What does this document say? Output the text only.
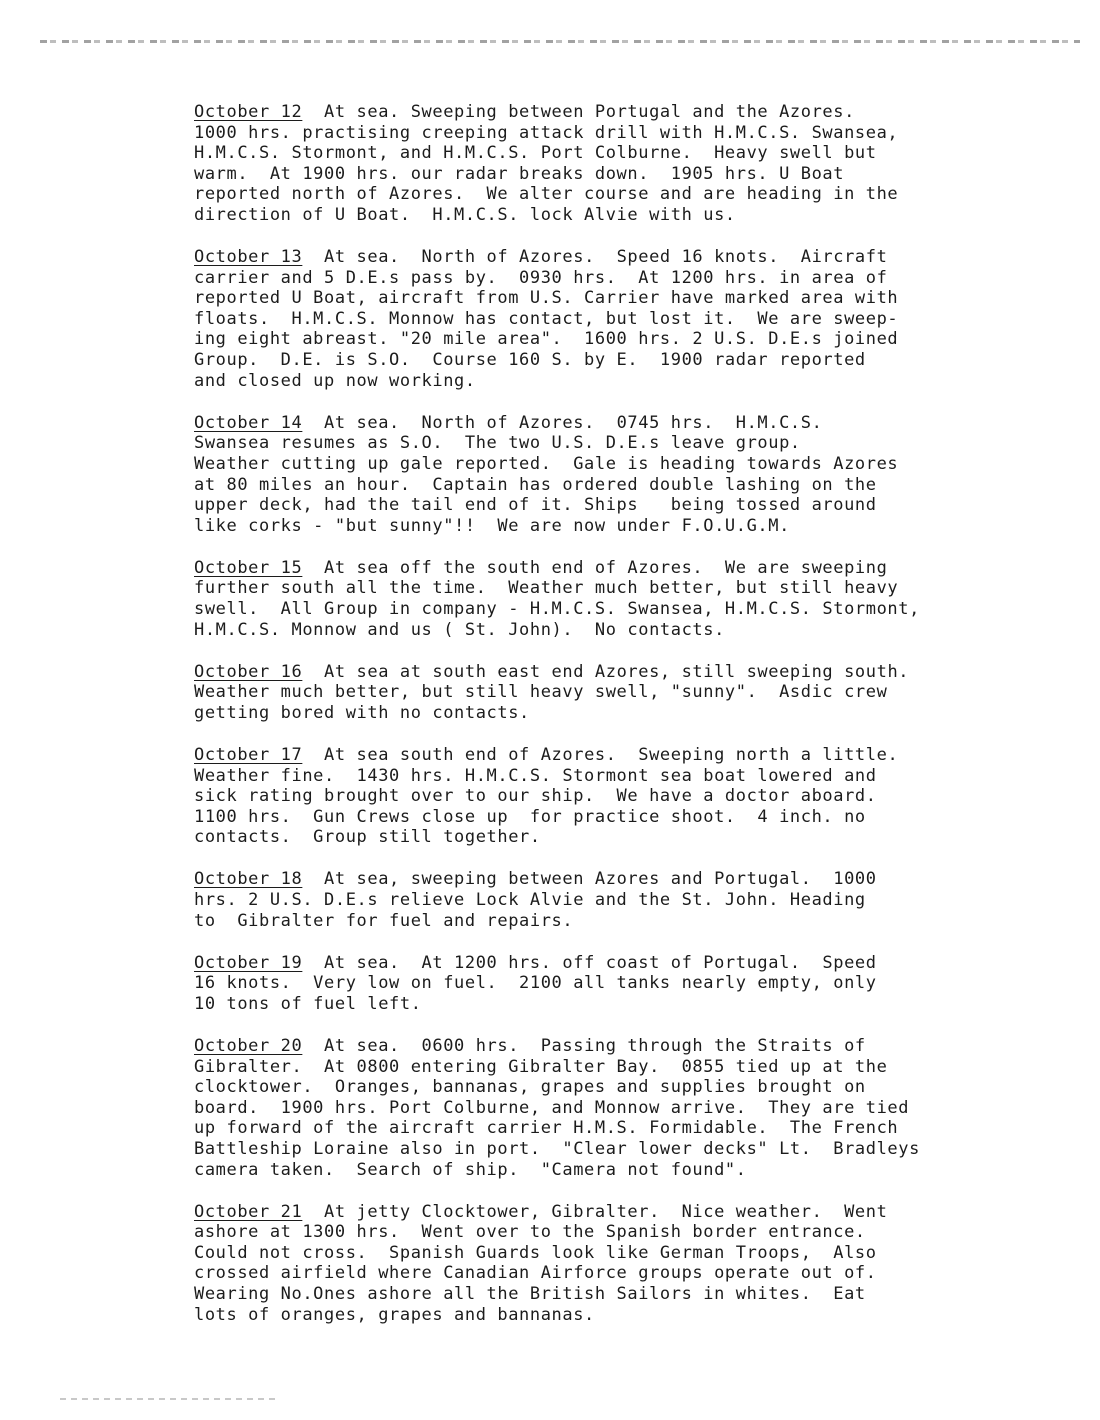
October 12  At sea. Sweeping between Portugal and the Azores.

1000 hrs. practising creeping attack drill with H.M.C.S. Swansea,

H.M.C.S. Stormont, and H.M.C.S. Port Colburne.  Heavy swell but

warm.  At 1900 hrs. our radar breaks down.  1905 hrs. U Boat

reported north of Azores.  We alter course and are heading in the

direction of U Boat.  H.M.C.S. lock Alvie with us.

October 13  At sea.  North of Azores.  Speed 16 knots.  Aircraft

carrier and 5 D.E.s pass by.  0930 hrs.  At 1200 hrs. in area of

reported U Boat, aircraft from U.S. Carrier have marked area with

floats.  H.M.C.S. Monnow has contact, but lost it.  We are sweep-

ing eight abreast. "20 mile area".  1600 hrs. 2 U.S. D.E.s joined

Group.  D.E. is S.O.  Course 160 S. by E.  1900 radar reported

and closed up now working.

October 14  At sea.  North of Azores.  0745 hrs.  H.M.C.S.

Swansea resumes as S.O.  The two U.S. D.E.s leave group.

Weather cutting up gale reported.  Gale is heading towards Azores

at 80 miles an hour.  Captain has ordered double lashing on the

upper deck, had the tail end of it. Ships   being tossed around

like corks - "but sunny"!!  We are now under F.O.U.G.M.

October 15  At sea off the south end of Azores.  We are sweeping

further south all the time.  Weather much better, but still heavy

swell.  All Group in company - H.M.C.S. Swansea, H.M.C.S. Stormont,

H.M.C.S. Monnow and us ( St. John).  No contacts.

October 16  At sea at south east end Azores, still sweeping south.

Weather much better, but still heavy swell, "sunny".  Asdic crew

getting bored with no contacts.

October 17  At sea south end of Azores.  Sweeping north a little.

Weather fine.  1430 hrs. H.M.C.S. Stormont sea boat lowered and

sick rating brought over to our ship.  We have a doctor aboard.

1100 hrs.  Gun Crews close up  for practice shoot.  4 inch. no

contacts.  Group still together.

October 18  At sea, sweeping between Azores and Portugal.  1000

hrs. 2 U.S. D.E.s relieve Lock Alvie and the St. John. Heading

to  Gibralter for fuel and repairs.

October 19  At sea.  At 1200 hrs. off coast of Portugal.  Speed

16 knots.  Very low on fuel.  2100 all tanks nearly empty, only

10 tons of fuel left.

October 20  At sea.  0600 hrs.  Passing through the Straits of

Gibralter.  At 0800 entering Gibralter Bay.  0855 tied up at the

clocktower.  Oranges, bannanas, grapes and supplies brought on

board.  1900 hrs. Port Colburne, and Monnow arrive.  They are tied

up forward of the aircraft carrier H.M.S. Formidable.  The French

Battleship Loraine also in port.  "Clear lower decks" Lt.  Bradleys

camera taken.  Search of ship.  "Camera not found".

October 21  At jetty Clocktower, Gibralter.  Nice weather.  Went

ashore at 1300 hrs.  Went over to the Spanish border entrance.

Could not cross.  Spanish Guards look like German Troops,  Also

crossed airfield where Canadian Airforce groups operate out of.

Wearing No.Ones ashore all the British Sailors in whites.  Eat

lots of oranges, grapes and bannanas.
